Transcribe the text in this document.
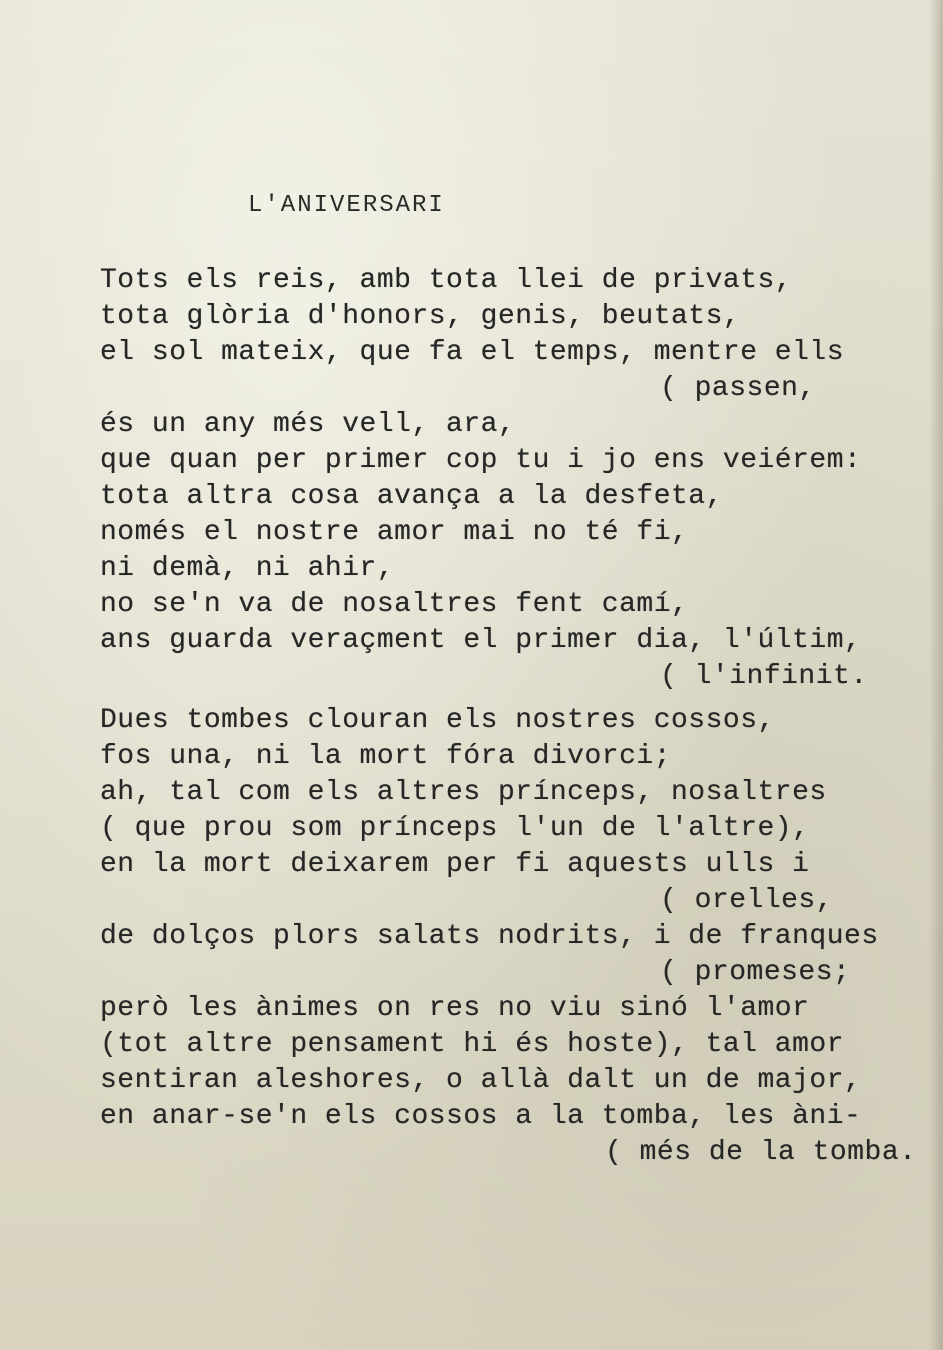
L'ANIVERSARI
Tots els reis, amb tota llei de privats,
tota glòria d'honors, genis, beutats,
el sol mateix, que fa el temps, mentre ells
( passen,
és un any més vell, ara,
que quan per primer cop tu i jo ens veiérem:
tota altra cosa avança a la desfeta,
només el nostre amor mai no té fi,
ni demà, ni ahir,
no se'n va de nosaltres fent camí,
ans guarda veraçment el primer dia, l'últim,
( l'infinit.
Dues tombes clouran els nostres cossos,
fos una, ni la mort fóra divorci;
ah, tal com els altres prínceps, nosaltres
( que prou som prínceps l'un de l'altre),
en la mort deixarem per fi aquests ulls i
( orelles,
de dolços plors salats nodrits, i de franques
( promeses;
però les ànimes on res no viu sinó l'amor
(tot altre pensament hi és hoste), tal amor
sentiran aleshores, o allà dalt un de major,
en anar-se'n els cossos a la tomba, les àni-
( més de la tomba.
